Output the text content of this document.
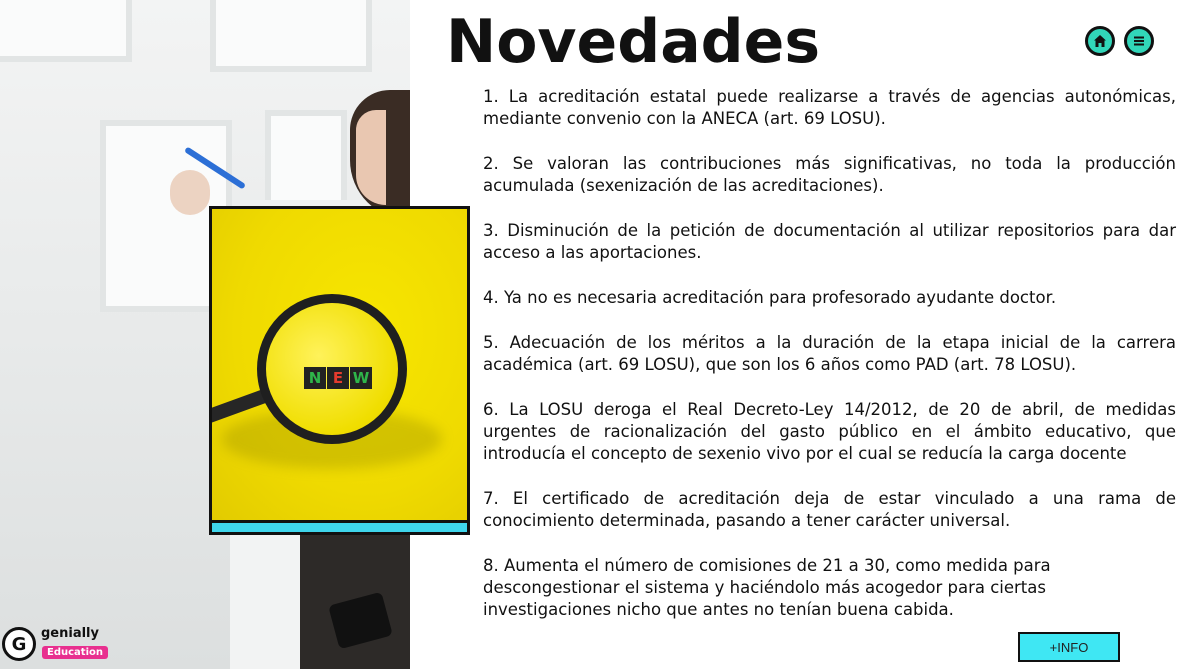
N E W
Novedades

1. La acreditación estatal puede realizarse a través de agencias autonómicas, mediante convenio con la ANECA (art. 69 LOSU).

2. Se valoran las contribuciones más significativas, no toda la producción acumulada (sexenización de las acreditaciones).

3. Disminución de la petición de documentación al utilizar repositorios para dar acceso a las aportaciones.

4. Ya no es necesaria acreditación para profesorado ayudante doctor.

5. Adecuación de los méritos a la duración de la etapa inicial de la carrera académica (art. 69 LOSU), que son los 6 años como PAD (art. 78 LOSU).

6. La LOSU deroga el Real Decreto-Ley 14/2012, de 20 de abril, de medidas urgentes de racionalización del gasto público en el ámbito educativo, que introducía el concepto de sexenio vivo por el cual se reducía la carga docente

7. El certificado de acreditación deja de estar vinculado a una rama de conocimiento determinada, pasando a tener carácter universal.

8. Aumenta el número de comisiones de 21 a 30, como medida para descongestionar el sistema y haciéndolo más acogedor para ciertas investigaciones nicho que antes no tenían buena cabida.

+INFO
G	genially
Education
